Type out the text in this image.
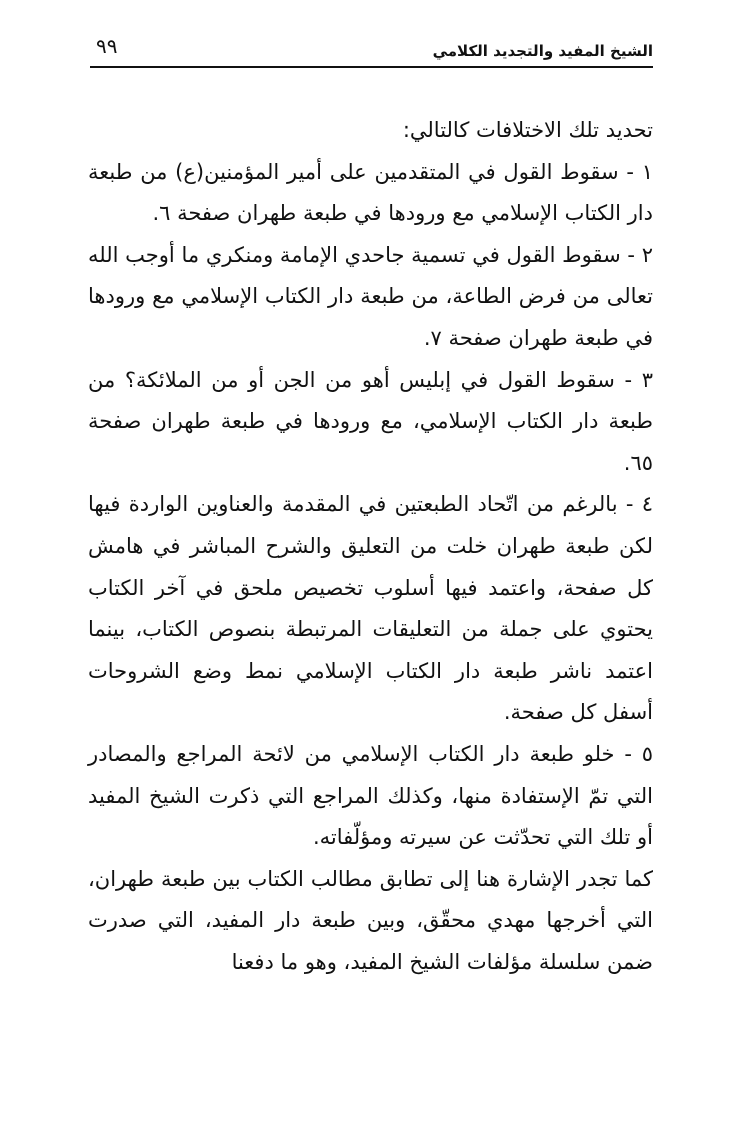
الشيخ المفيد والتجديد الكلامي
٩٩

تحديد تلك الاختلافات كالتالي:

١ - سقوط القول في المتقدمين على أمير المؤمنين(ع) من طبعة دار الكتاب الإسلامي مع ورودها في طبعة طهران صفحة ٦.

٢ - سقوط القول في تسمية جاحدي الإمامة ومنكري ما أوجب الله تعالى من فرض الطاعة، من طبعة دار الكتاب الإسلامي مع ورودها في طبعة طهران صفحة ٧.

٣ - سقوط القول في إبليس أهو من الجن أو من الملائكة؟ من طبعة دار الكتاب الإسلامي، مع ورودها في طبعة طهران صفحة ٦٥.

٤ - بالرغم من اتّحاد الطبعتين في المقدمة والعناوين الواردة فيها لكن طبعة طهران خلت من التعليق والشرح المباشر في هامش كل صفحة، واعتمد فيها أسلوب تخصيص ملحق في آخر الكتاب يحتوي على جملة من التعليقات المرتبطة بنصوص الكتاب، بينما اعتمد ناشر طبعة دار الكتاب الإسلامي نمط وضع الشروحات أسفل كل صفحة.

٥ - خلو طبعة دار الكتاب الإسلامي من لائحة المراجع والمصادر التي تمّ الإستفادة منها، وكذلك المراجع التي ذكرت الشيخ المفيد أو تلك التي تحدّثت عن سيرته ومؤلّفاته.

كما تجدر الإشارة هنا إلى تطابق مطالب الكتاب بين طبعة طهران، التي أخرجها مهدي محقّق، وبين طبعة دار المفيد، التي صدرت ضمن سلسلة مؤلفات الشيخ المفيد، وهو ما دفعنا
